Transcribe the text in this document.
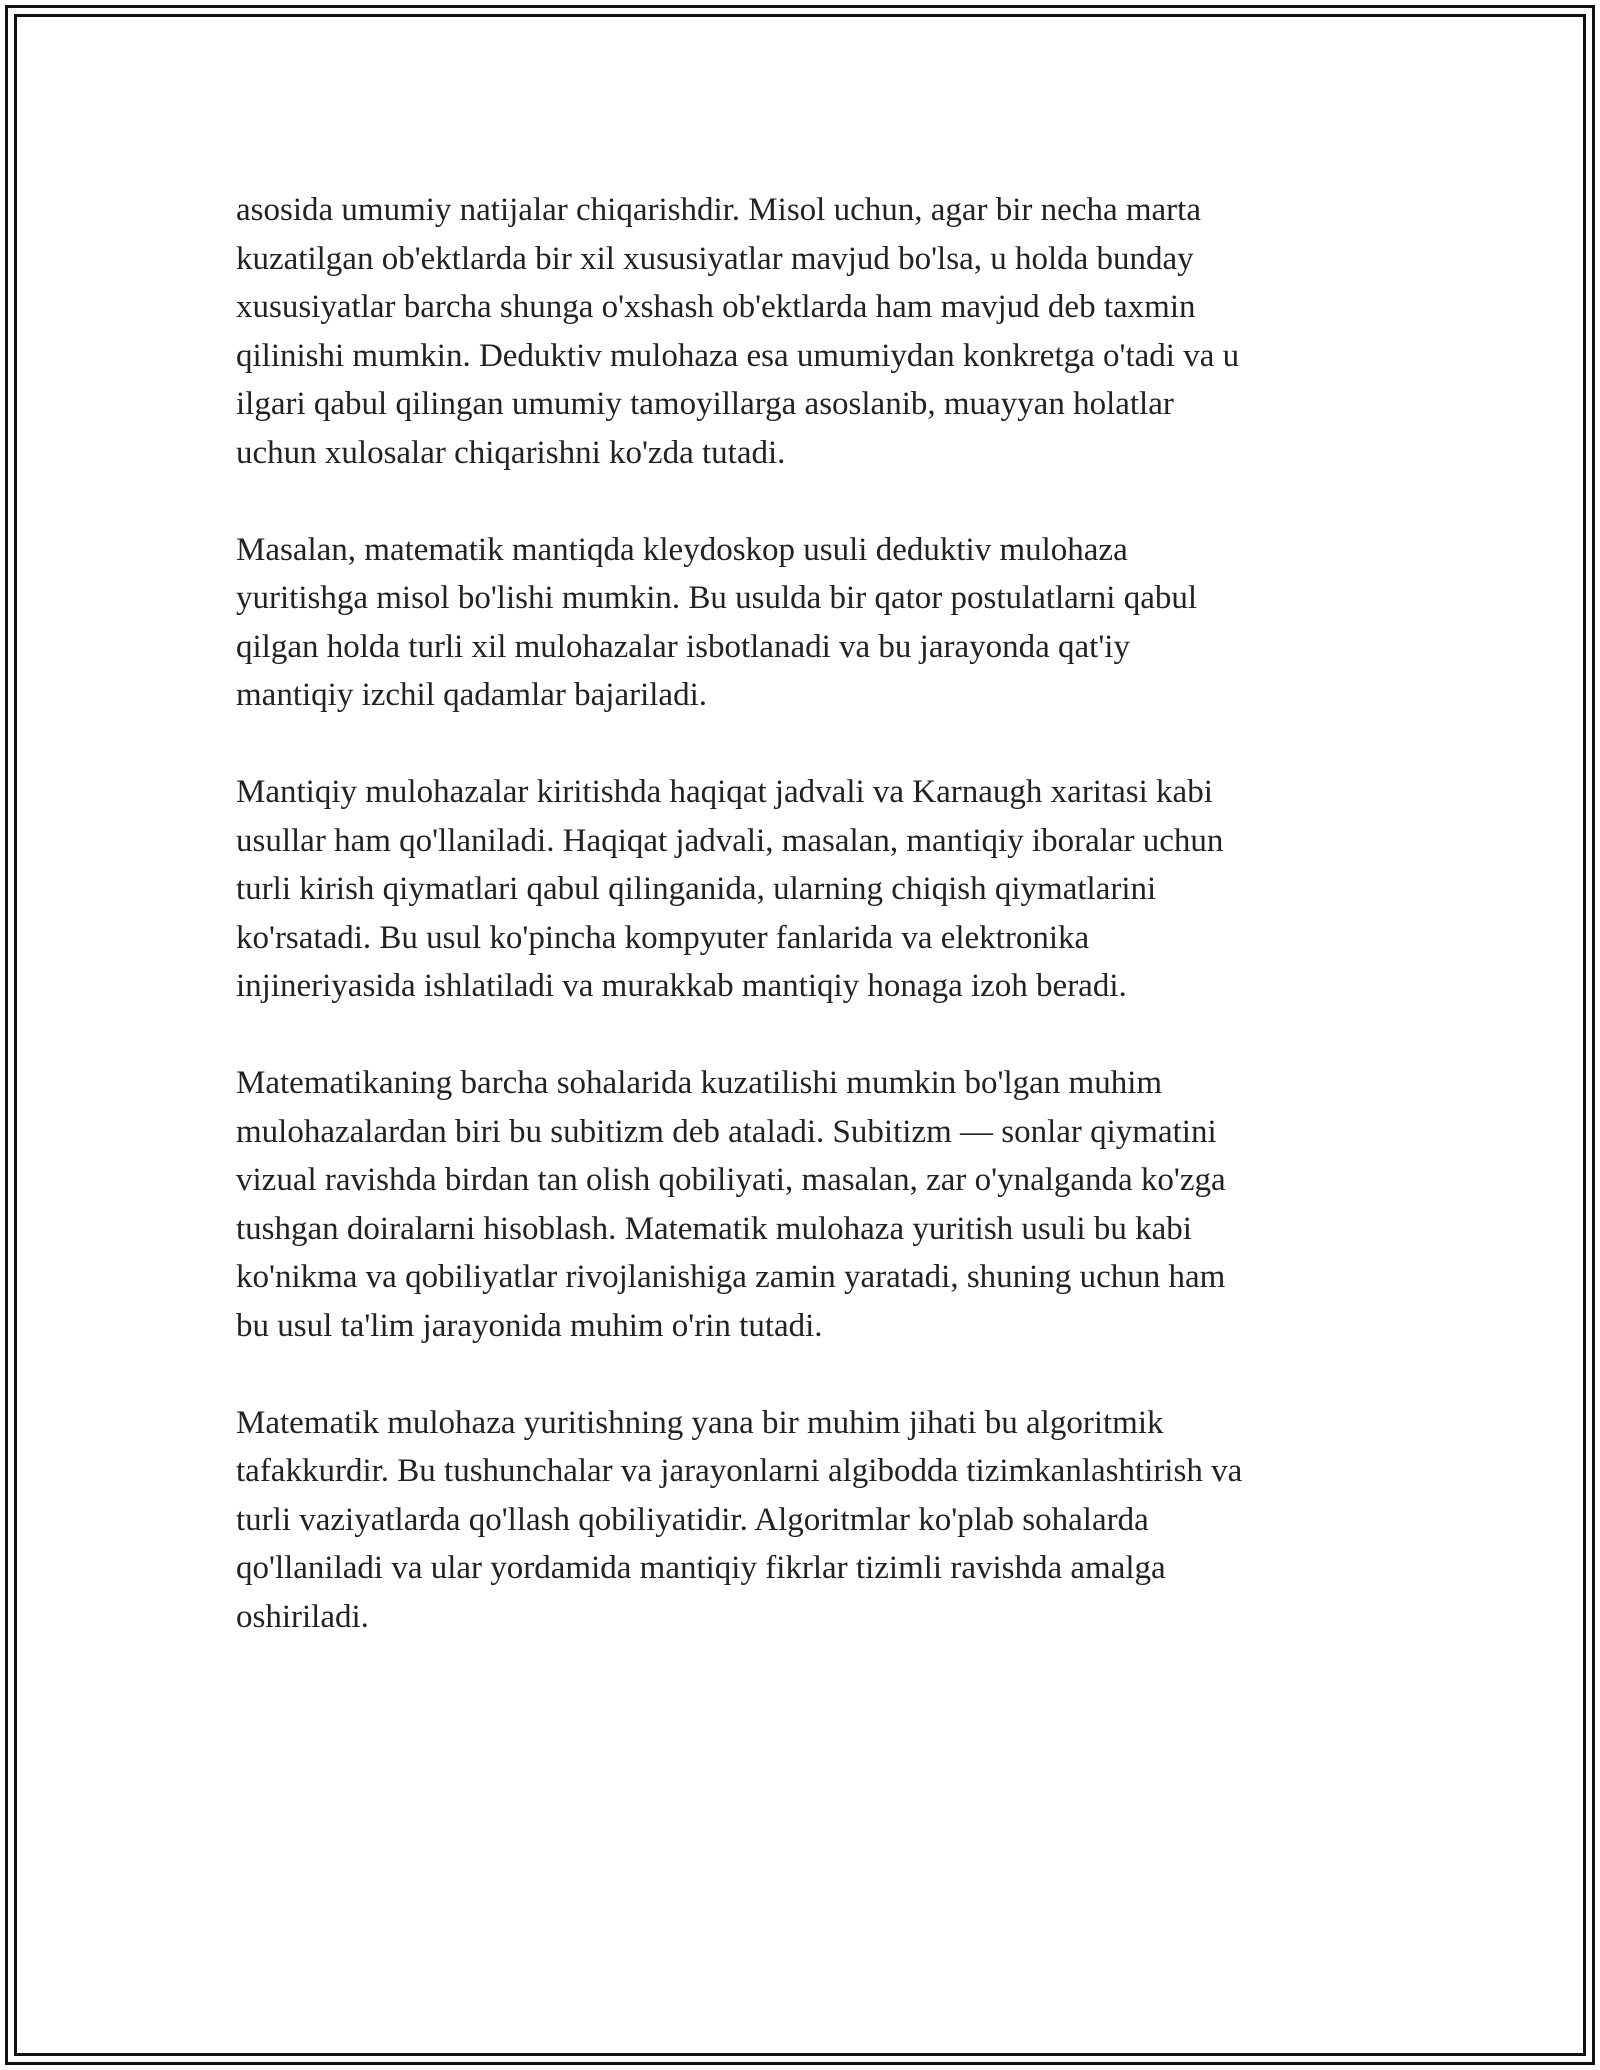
asosida umumiy natijalar chiqarishdir. Misol uchun, agar bir necha marta
kuzatilgan ob'ektlarda bir xil xususiyatlar mavjud bo'lsa, u holda bunday
xususiyatlar barcha shunga o'xshash ob'ektlarda ham mavjud deb taxmin
qilinishi mumkin. Deduktiv mulohaza esa umumiydan konkretga o'tadi va u
ilgari qabul qilingan umumiy tamoyillarga asoslanib, muayyan holatlar
uchun xulosalar chiqarishni ko'zda tutadi.

Masalan, matematik mantiqda kleydoskop usuli deduktiv mulohaza
yuritishga misol bo'lishi mumkin. Bu usulda bir qator postulatlarni qabul
qilgan holda turli xil mulohazalar isbotlanadi va bu jarayonda qat'iy
mantiqiy izchil qadamlar bajariladi.

Mantiqiy mulohazalar kiritishda haqiqat jadvali va Karnaugh xaritasi kabi
usullar ham qo'llaniladi. Haqiqat jadvali, masalan, mantiqiy iboralar uchun
turli kirish qiymatlari qabul qilinganida, ularning chiqish qiymatlarini
ko'rsatadi. Bu usul ko'pincha kompyuter fanlarida va elektronika
injineriyasida ishlatiladi va murakkab mantiqiy honaga izoh beradi.

Matematikaning barcha sohalarida kuzatilishi mumkin bo'lgan muhim
mulohazalardan biri bu subitizm deb ataladi. Subitizm — sonlar qiymatini
vizual ravishda birdan tan olish qobiliyati, masalan, zar o'ynalganda ko'zga
tushgan doiralarni hisoblash. Matematik mulohaza yuritish usuli bu kabi
ko'nikma va qobiliyatlar rivojlanishiga zamin yaratadi, shuning uchun ham
bu usul ta'lim jarayonida muhim o'rin tutadi.

Matematik mulohaza yuritishning yana bir muhim jihati bu algoritmik
tafakkurdir. Bu tushunchalar va jarayonlarni algibodda tizimkanlashtirish va
turli vaziyatlarda qo'llash qobiliyatidir. Algoritmlar ko'plab sohalarda
qo'llaniladi va ular yordamida mantiqiy fikrlar tizimli ravishda amalga
oshiriladi.
